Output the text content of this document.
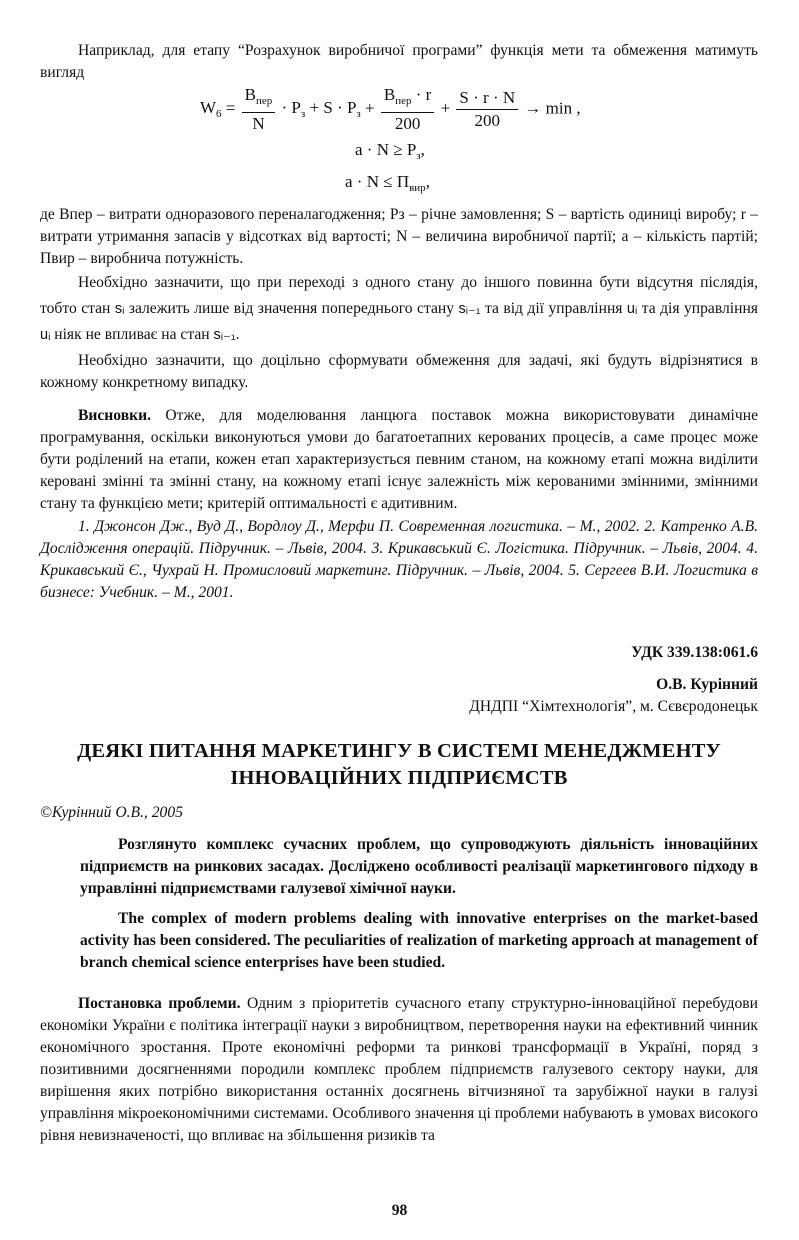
Наприклад, для етапу “Розрахунок виробничої програми” функція мети та обмеження матимуть вигляд

$W_6 = \frac{B_{пер}}{N} \cdot P_з + S \cdot P_з + \frac{B_{пер} \cdot r}{200} + \frac{S \cdot r \cdot N}{200} \to \min$ ,
$a \cdot N \ge P_з$,
$a \cdot N \le П_{вир}$,

де Bпер – витрати одноразового переналагодження; Pз – річне замовлення; S – вартість одиниці виробу; r – витрати утримання запасів у відсотках від вартості; N – величина виробничої партії; a – кількість партій; Пвир – виробнича потужність.

Необхідно зазначити, що при переході з одного стану до іншого повинна бути відсутня післядія, тобто стан sᵢ залежить лише від значення попереднього стану sᵢ₋₁ та від дії управління uᵢ та дія управління uᵢ ніяк не впливає на стан sᵢ₋₁.

Необхідно зазначити, що доцільно сформувати обмеження для задачі, які будуть відрізнятися в кожному конкретному випадку.

Висновки. Отже, для моделювання ланцюга поставок можна використовувати динамічне програмування, оскільки виконуються умови до багатоетапних керованих процесів, а саме процес може бути роділений на етапи, кожен етап характеризується певним станом, на кожному етапі можна виділити керовані змінні та змінні стану, на кожному етапі існує залежність між керованими змінними, змінними стану та функцією мети; критерій оптимальності є адитивним.

1. Джонсон Дж., Вуд Д., Вордлоу Д., Мерфи П. Современная логистика. – М., 2002. 2. Катренко А.В. Дослідження операцій. Підручник. – Львів, 2004. 3. Крикавський Є. Логістика. Підручник. – Львів, 2004. 4. Крикавський Є., Чухрай Н. Промисловий маркетинг. Підручник. – Львів, 2004. 5. Сергеев В.И. Логистика в бизнесе: Учебник. – М., 2001.

УДК 339.138:061.6

О.В. Курінний

ДНДПІ “Хімтехнологія”, м. Сєвєродонецьк

ДЕЯКІ ПИТАННЯ МАРКЕТИНГУ В СИСТЕМІ МЕНЕДЖМЕНТУ

ІННОВАЦІЙНИХ ПІДПРИЄМСТВ

©Курінний О.В., 2005

Розглянуто комплекс сучасних проблем, що супроводжують діяльність інноваційних підприємств на ринкових засадах. Досліджено особливості реалізації маркетингового підходу в управлінні підприємствами галузевої хімічної науки.

The complex of modern problems dealing with innovative enterprises on the market-based activity has been considered. The peculiarities of realization of marketing approach at management of branch chemical science enterprises have been studied.

Постановка проблеми. Одним з пріоритетів сучасного етапу структурно-інноваційної перебудови економіки України є політика інтеграції науки з виробництвом, перетворення науки на ефективний чинник економічного зростання. Проте економічні реформи та ринкові трансформації в Україні, поряд з позитивними досягненнями породили комплекс проблем підприємств галузевого сектору науки, для вирішення яких потрібно використання останніх досягнень вітчизняної та зарубіжної науки в галузі управління мікроекономічними системами. Особливого значення ці проблеми набувають в умовах високого рівня невизначеності, що впливає на збільшення ризиків та

98
